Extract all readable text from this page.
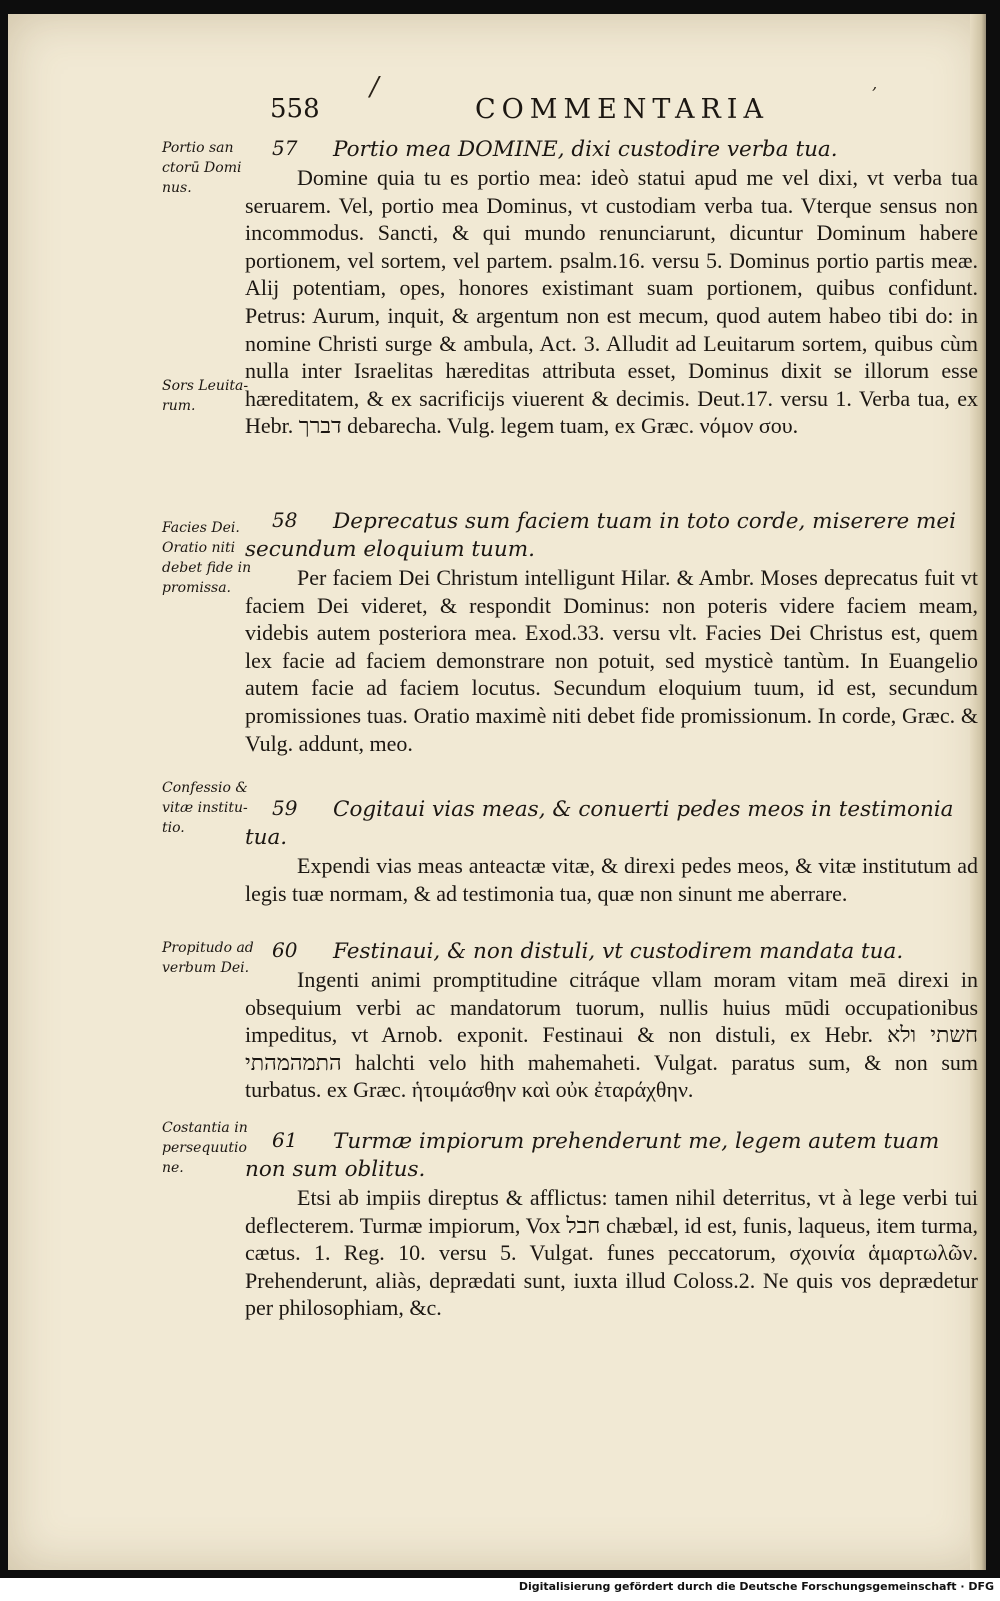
/	‚
558	COMMENTARIA
Portio san ctorū Domi nus.
Sors Leuita- rum.
Facies Dei. Oratio niti debet fide in promissa.
Confessio & vitæ institu- tio.
Propitudo ad verbum Dei.
Costantia in persequutio ne.
57 Portio mea DOMINE, dixi custodire verba tua.

Domine quia tu es portio mea: ideò statui apud me vel dixi, vt verba tua seruarem. Vel, portio mea Dominus, vt custodiam verba tua. Vterque sensus non incommodus. Sancti, & qui mundo renunciarunt, dicuntur Dominum habere portionem, vel sortem, vel partem. psalm.16. versu 5. Dominus portio partis meæ. Alij potentiam, opes, honores existimant suam portionem, quibus confidunt. Petrus: Aurum, inquit, & argentum non est mecum, quod autem habeo tibi do: in nomine Christi surge & ambula, Act. 3. Alludit ad Leuitarum sortem, quibus cùm nulla inter Israelitas hæreditas attributa esset, Dominus dixit se illorum esse hæreditatem, & ex sacrificijs viuerent & decimis. Deut.17. versu 1. Verba tua, ex Hebr. דברך debarecha. Vulg. legem tuam, ex Græc. νόμον σου.

58	Deprecatus sum faciem tuam in toto corde, miserere mei secundum eloquium tuum.

Per faciem Dei Christum intelligunt Hilar. & Ambr. Moses deprecatus fuit vt faciem Dei videret, & respondit Dominus: non poteris videre faciem meam, videbis autem posteriora mea. Exod.33. versu vlt. Facies Dei Christus est, quem lex facie ad faciem demonstrare non potuit, sed mysticè tantùm. In Euangelio autem facie ad faciem locutus. Secundum eloquium tuum, id est, secundum promissiones tuas. Oratio maximè niti debet fide promissionum. In corde, Græc. & Vulg. addunt, meo.

59	Cogitaui vias meas, & conuerti pedes meos in testimonia tua.

Expendi vias meas anteactæ vitæ, & direxi pedes meos, & vitæ institutum ad legis tuæ normam, & ad testimonia tua, quæ non sinunt me aberrare.

60 Festinaui, & non distuli, vt custodirem mandata tua.

Ingenti animi promptitudine citráque vllam moram vitam meā direxi in obsequium verbi ac mandatorum tuorum, nullis huius mūdi occupationibus impeditus, vt Arnob. exponit. Festinaui & non distuli, ex Hebr. חשתי ולא התמהמהתי halchti velo hith mahemaheti. Vulgat. paratus sum, & non sum turbatus. ex Græc. ἡτοιμάσθην καὶ οὐκ ἐταράχθην.

61	Turmæ impiorum prehenderunt me, legem autem tuam non sum oblitus.

Etsi ab impiis direptus & afflictus: tamen nihil deterritus, vt à lege verbi tui deflecterem. Turmæ impiorum, Vox חבל chæbæl, id est, funis, laqueus, item turma, cætus. 1. Reg. 10. versu 5. Vulgat. funes peccatorum, σχοινία ἁμαρτωλῶν. Prehenderunt, aliàs, deprædati sunt, iuxta illud Coloss.2. Ne quis vos deprædetur per philosophiam, &c.

Digitalisierung gefördert durch die Deutsche Forschungsgemeinschaft · DFG
